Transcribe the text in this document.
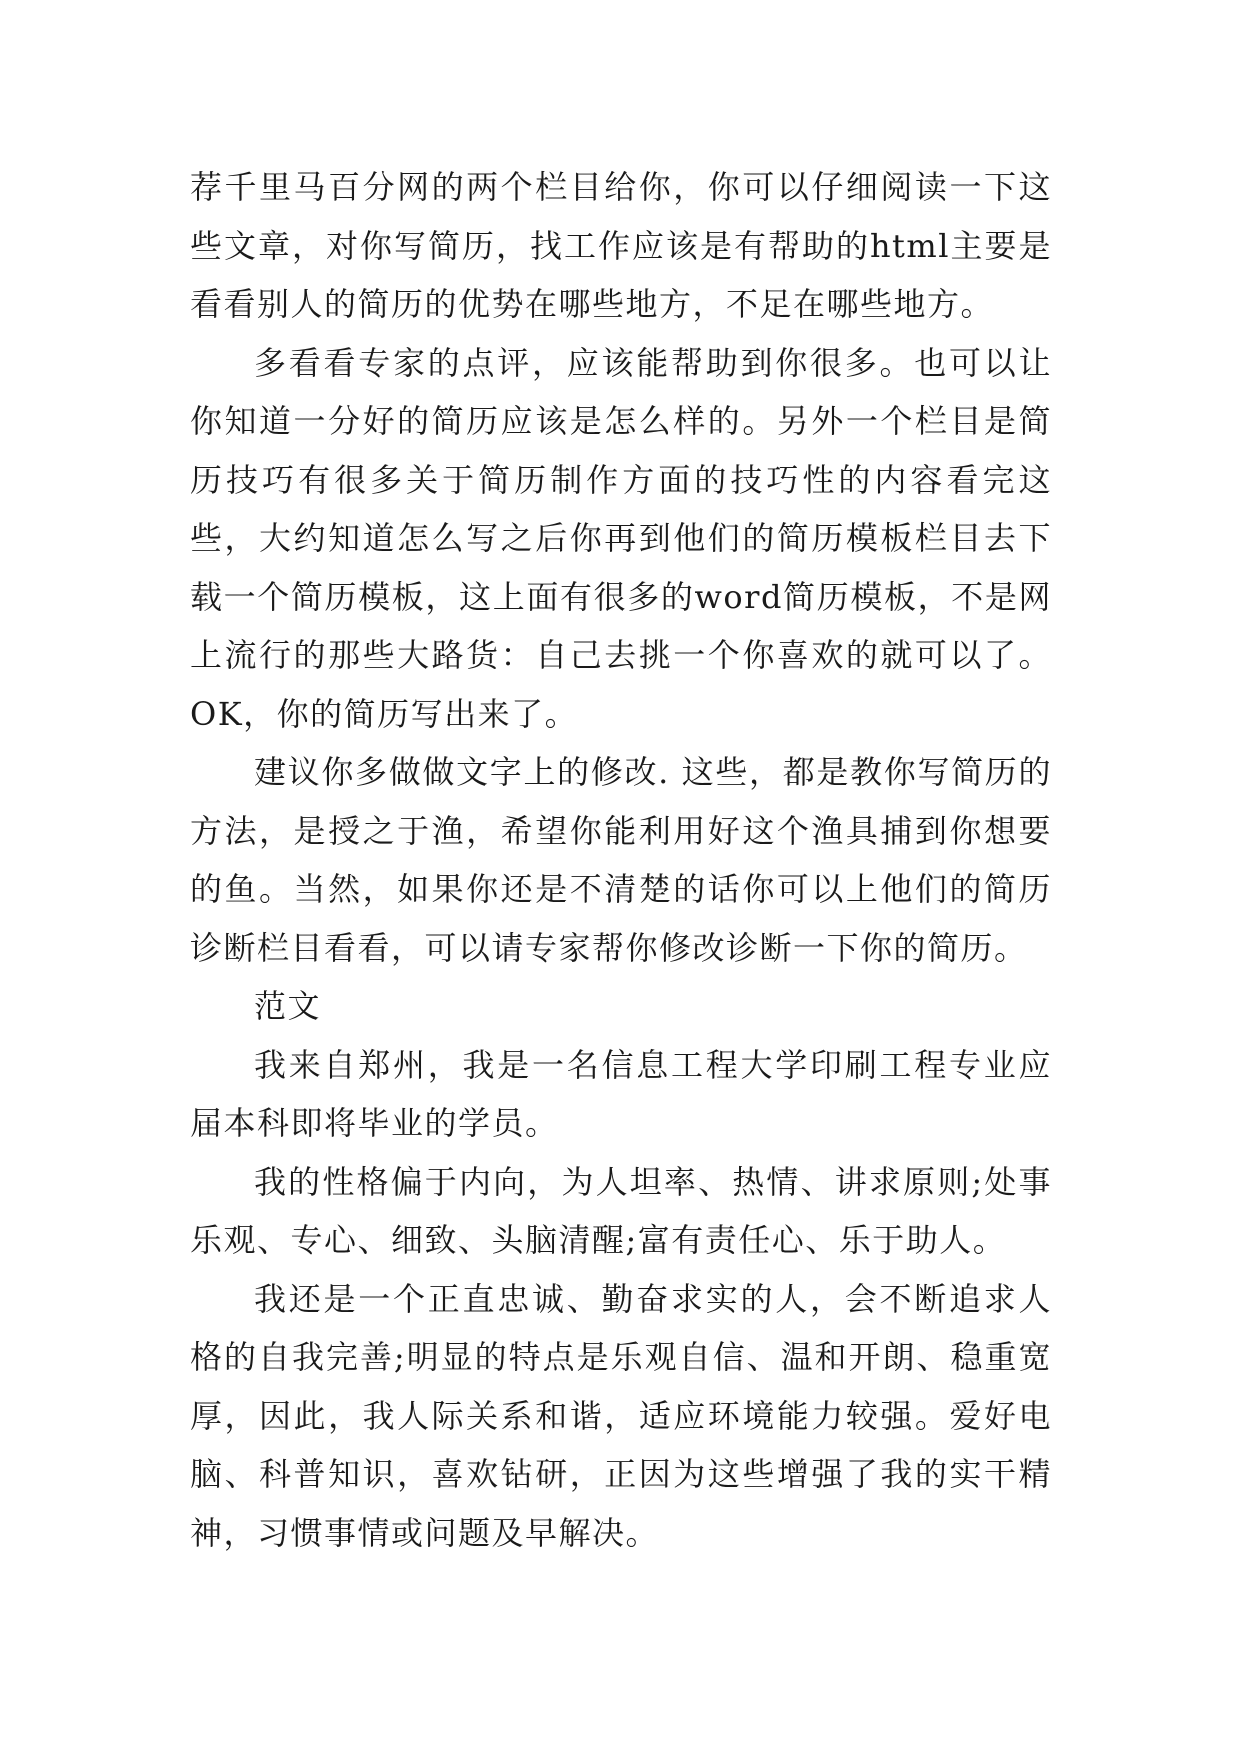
荐千里马百分网的两个栏目给你，你可以仔细阅读一下这些文章，对你写简历，找工作应该是有帮助的html主要是看看别人的简历的优势在哪些地方，不足在哪些地方。

多看看专家的点评，应该能帮助到你很多。也可以让你知道一分好的简历应该是怎么样的。另外一个栏目是简历技巧有很多关于简历制作方面的技巧性的内容看完这些，大约知道怎么写之后你再到他们的简历模板栏目去下载一个简历模板，这上面有很多的word简历模板，不是网上流行的那些大路货：自己去挑一个你喜欢的就可以了。OK，你的简历写出来了。

建议你多做做文字上的修改. 这些，都是教你写简历的方法，是授之于渔，希望你能利用好这个渔具捕到你想要的鱼。当然，如果你还是不清楚的话你可以上他们的简历诊断栏目看看，可以请专家帮你修改诊断一下你的简历。

范文

我来自郑州，我是一名信息工程大学印刷工程专业应届本科即将毕业的学员。

我的性格偏于内向，为人坦率、热情、讲求原则;处事乐观、专心、细致、头脑清醒;富有责任心、乐于助人。

我还是一个正直忠诚、勤奋求实的人，会不断追求人格的自我完善;明显的特点是乐观自信、温和开朗、稳重宽厚，因此，我人际关系和谐，适应环境能力较强。爱好电脑、科普知识，喜欢钻研，正因为这些增强了我的实干精神，习惯事情或问题及早解决。
